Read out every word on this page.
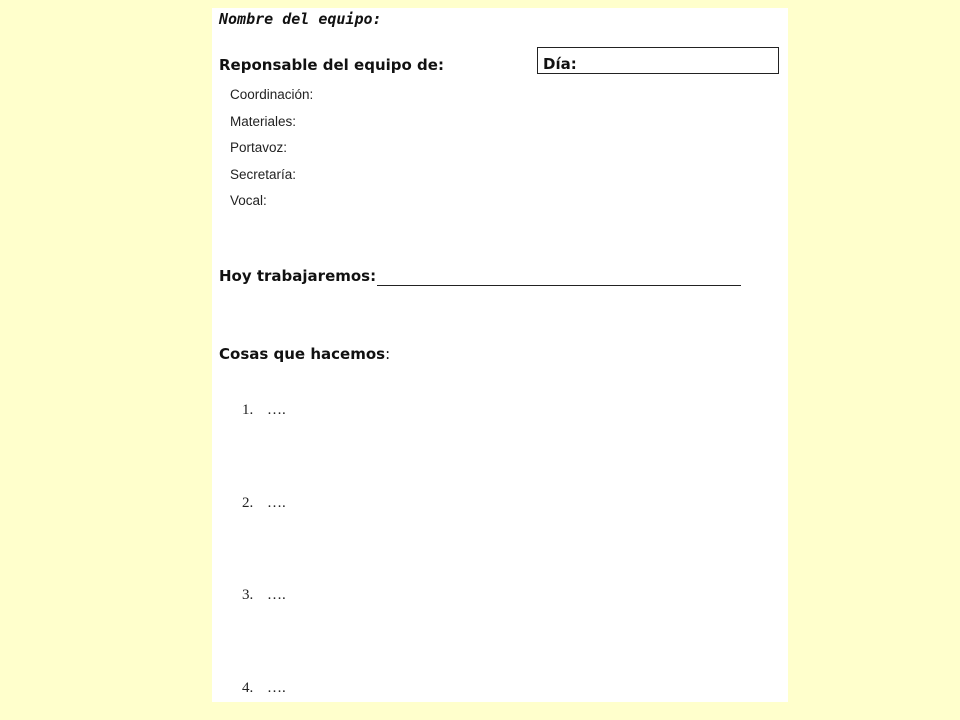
Nombre del equipo:
Reponsable del equipo de:	Día:
Coordinación:
Materiales:
Portavoz:
Secretaría:
Vocal:
Hoy trabajaremos:
Cosas que hacemos:
1. ….
2. ….
3. ….
4. ….
